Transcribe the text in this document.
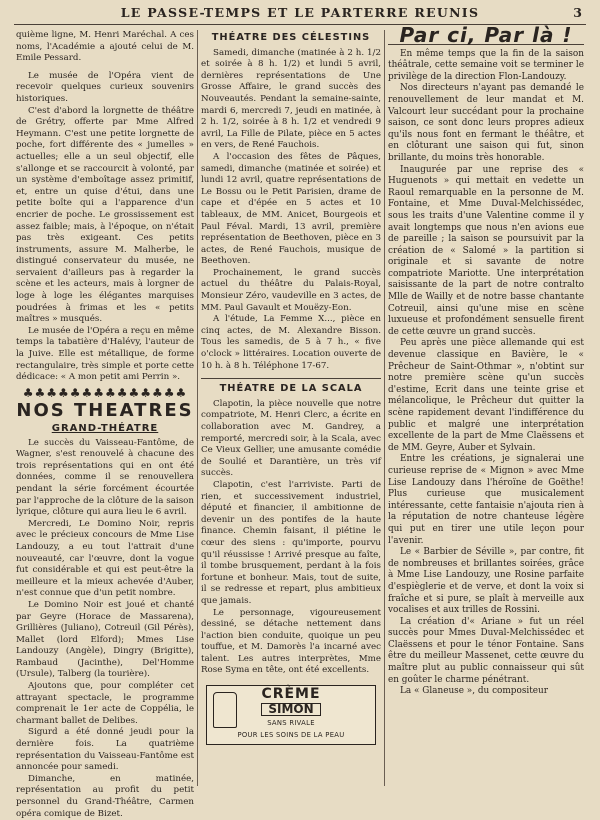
LE PASSE-TEMPS ET LE PARTERRE REUNIS	3

quième ligne, M. Henri Maréchal. A ces noms, l'Académie a ajouté celui de M. Emile Pessard.

Le musée de l'Opéra vient de recevoir quelques curieux souvenirs historiques.

C'est d'abord la lorgnette de théâtre de Grétry, offerte par Mme Alfred Heymann. C'est une petite lorgnette de poche, fort différente des « jumelles » actuelles; elle a un seul objectif, elle s'allonge et se raccourcit à volonté, par un système d'emboîtage assez primitif, et, entre un quise d'étui, dans une petite boîte qui a l'apparence d'un encrier de poche. Le grossissement est assez faible; mais, à l'époque, on n'était pas très exigeant. Ces petits instruments, assure M. Malherbe, le distingué conservateur du musée, ne servaient d'ailleurs pas à regarder la scène et les acteurs, mais à lorgner de loge à loge les élégantes marquises poudrées à frimas et les « petits maîtres » musqués.

Le musée de l'Opéra a reçu en même temps la tabatière d'Halévy, l'auteur de la Juive. Elle est métallique, de forme rectangulaire, très simple et porte cette dédicace: « A mon petit ami Perrin ».

♣♣♣♣♣♣♣♣♣♣♣♣♣♣
NOS THEATRES
GRAND-THÉATRE

Le succès du Vaisseau-Fantôme, de Wagner, s'est renouvelé à chacune des trois représentations qui en ont été données, comme il se renouvellera pendant la série forcément écourtée par l'approche de la clôture de la saison lyrique, clôture qui aura lieu le 6 avril.

Mercredi, Le Domino Noir, repris avec le précieux concours de Mme Lise Landouzy, a eu tout l'attrait d'une nouveauté, car l'œuvre, dont la vogue fut considérable et qui est peut-être la meilleure et la mieux achevée d'Auber, n'est connue que d'un petit nombre.

Le Domino Noir est joué et chanté par Geyre (Horace de Massarena), Grillières (Juliano), Cotreuil (Gil Pérès), Mallet (lord Elford); Mmes Lise Landouzy (Angèle), Dingry (Brigitte), Rambaud (Jacinthe), Del'Homme (Ursule), Talberg (la tourière).

Ajoutons que, pour compléter cet attrayant spectacle, le programme comprenait le 1er acte de Coppélia, le charmant ballet de Delibes.

Sigurd a été donné jeudi pour la dernière fois. La quatrième représentation du Vaisseau-Fantôme est annoncée pour samedi.

Dimanche, en matinée, représentation au profit du petit personnel du Grand-Théâtre, Carmen opéra comique de Bizet.

THÉATRE DES CÉLESTINS

Samedi, dimanche (matinée à 2 h. 1/2 et soirée à 8 h. 1/2) et lundi 5 avril, dernières représentations de Une Grosse Affaire, le grand succès des Nouveautés. Pendant la semaine-sainte, mardi 6, mercredi 7, jeudi en matinée, à 2 h. 1/2, soirée à 8 h. 1/2 et vendredi 9 avril, La Fille de Pilate, pièce en 5 actes en vers, de René Fauchois.

A l'occasion des fêtes de Pâques, samedi, dimanche (matinée et soirée) et lundi 12 avril, quatre représentations de Le Bossu ou le Petit Parisien, drame de cape et d'épée en 5 actes et 10 tableaux, de MM. Anicet, Bourgeois et Paul Féval. Mardi, 13 avril, première représentation de Beethoven, pièce en 3 actes, de René Fauchois, musique de Beethoven.

Prochainement, le grand succès actuel du théâtre du Palais-Royal, Monsieur Zéro, vaudeville en 3 actes, de MM. Paul Gavault et Mouëzy-Eon.

A l'étude, La Femme X..., pièce en cinq actes, de M. Alexandre Bisson. Tous les samedis, de 5 à 7 h., « five o'clock » littéraires. Location ouverte de 10 h. à 8 h. Téléphone 17-67.

THÉATRE DE LA SCALA

Clapotin, la pièce nouvelle que notre compatriote, M. Henri Clerc, a écrite en collaboration avec M. Gandrey, a remporté, mercredi soir, à la Scala, avec Ce Vieux Gellier, une amusante comédie de Soulié et Darantière, un très vif succès.

Clapotin, c'est l'arriviste. Parti de rien, et successivement industriel, député et financier, il ambitionne de devenir un des pontifes de la haute finance. Chemin faisant, il piétine le cœur des siens : qu'importe, pourvu qu'il réussisse ! Arrivé presque au faîte, il tombe brusquement, perdant à la fois fortune et bonheur. Mais, tout de suite, il se redresse et repart, plus ambitieux que jamais.

Le personnage, vigoureusement dessiné, se détache nettement dans l'action bien conduite, quoique un peu touffue, et M. Damorès l'a incarné avec talent. Les autres interprètes, Mme Rose Syma en tête, ont été excellents.

CRÈME
SIMON
SANS RIVALE
POUR LES SOINS DE LA PEAU
Par ci, Par là !

En même temps que la fin de la saison théâtrale, cette semaine voit se terminer le privilège de la direction Flon-Landouzy.

Nos directeurs n'ayant pas demandé le renouvellement de leur mandat et M. Valcourt leur succédant pour la prochaine saison, ce sont donc leurs propres adieux qu'ils nous font en fermant le théâtre, et en clôturant une saison qui fut, sinon brillante, du moins très honorable.

Inaugurée par une reprise des « Huguenots » qui mettait en vedette un Raoul remarquable en la personne de M. Fontaine, et Mme Duval-Melchissédec, sous les traits d'une Valentine comme il y avait longtemps que nous n'en avions eue de pareille ; la saison se poursuivit par la création de « Salomé » la partition si originale et si savante de notre compatriote Mariotte. Une interprétation saisissante de la part de notre contralto Mlle de Wailly et de notre basse chantante Cotreuil, ainsi qu'une mise en scène luxueuse et profondément sensuelle firent de cette œuvre un grand succès.

Peu après une pièce allemande qui est devenue classique en Bavière, le « Prêcheur de Saint-Othmar », n'obtint sur notre première scène qu'un succès d'estime, Ecrit dans une teinte grise et mélancolique, le Prêcheur dut quitter la scène rapidement devant l'indifférence du public et malgré une interprétation excellente de la part de Mme Claëssens et de MM. Geyre, Auber et Sylvain.

Entre les créations, je signalerai une curieuse reprise de « Mignon » avec Mme Lise Landouzy dans l'héroïne de Goëthe! Plus curieuse que musicalement intéressante, cette fantaisie n'ajouta rien à la réputation de notre chanteuse légère qui put en tirer une utile leçon pour l'avenir.

Le « Barbier de Séville », par contre, fit de nombreuses et brillantes soirées, grâce à Mme Lise Landouzy, une Rosine parfaite d'espièglerie et de verve, et dont la voix si fraîche et si pure, se plaît à merveille aux vocalises et aux trilles de Rossini.

La création d'« Ariane » fut un réel succès pour Mmes Duval-Melchissédec et Claëssens et pour le ténor Fontaine. Sans être du meilleur Massenet, cette œuvre du maître plut au public connaisseur qui sût en goûter le charme pénétrant.

La « Glaneuse », du compositeur
